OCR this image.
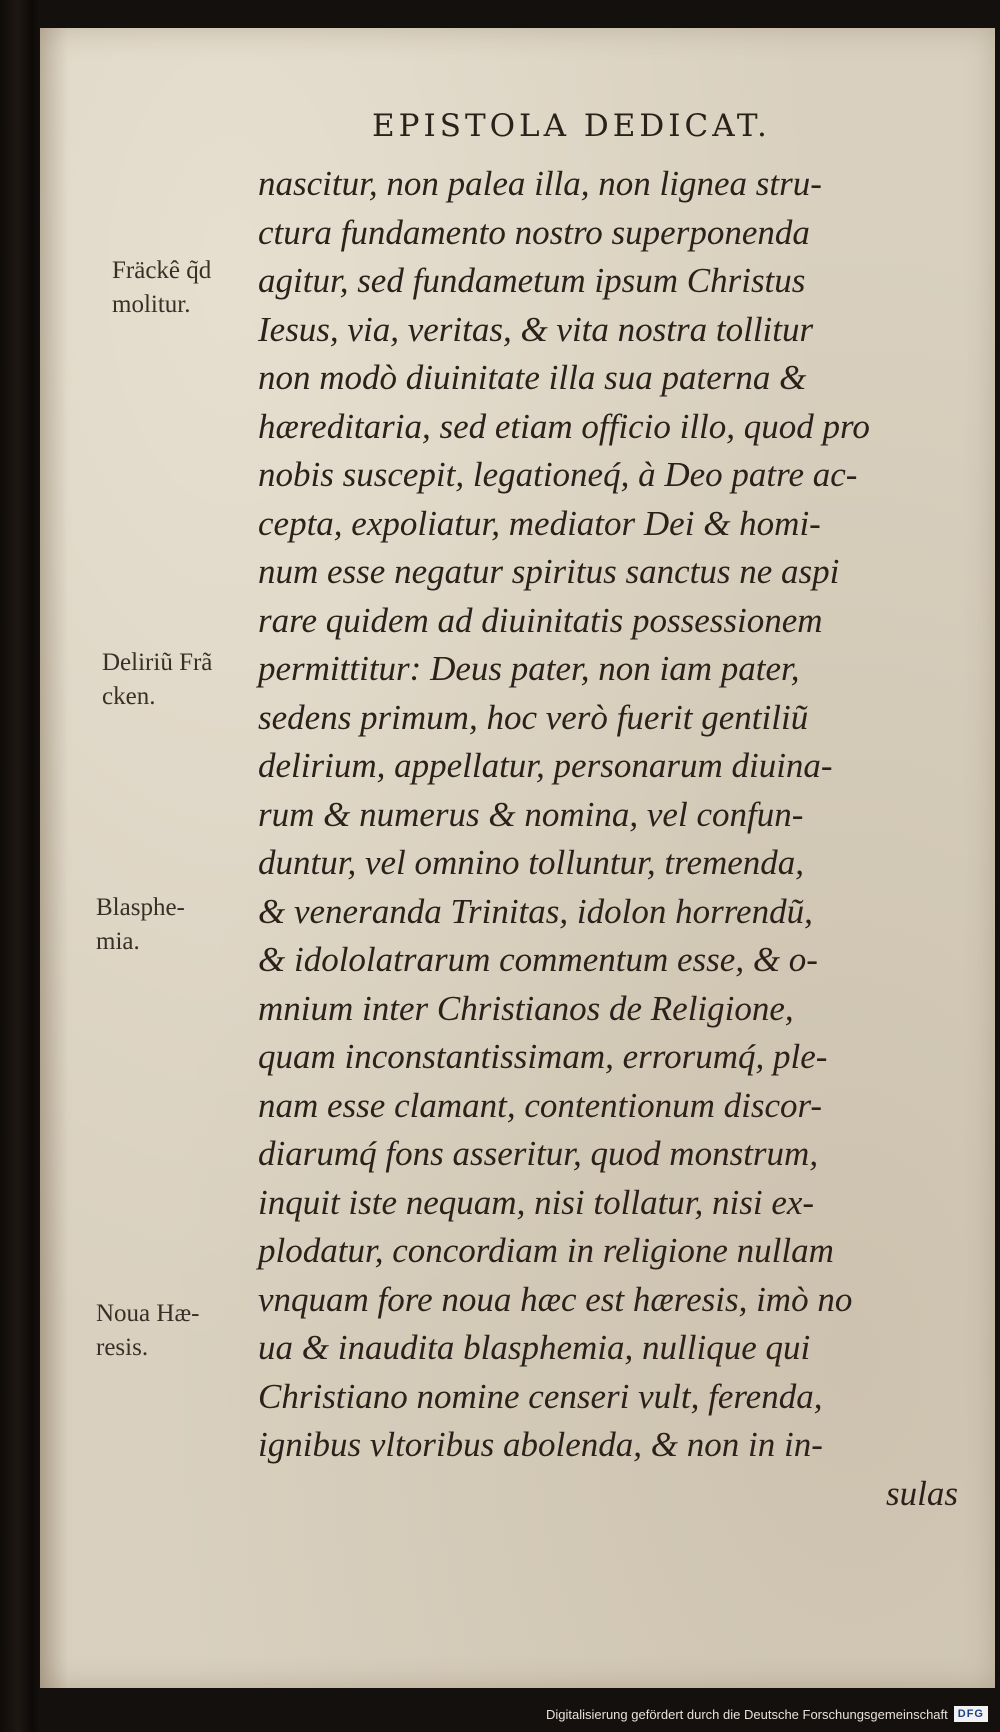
EPISTOLA DEDICAT.
Fräckê q̃d
molitur.
Deliriũ Frã
cken.
Blasphe-
mia.
Noua Hæ-
resis.
nascitur, non palea illa, non lignea stru-
ctura fundamento nostro superponenda
agitur, sed fundametum ipsum Christus
Iesus, via, veritas, & vita nostra tollitur
non modò diuinitate illa sua paterna &
hæreditaria, sed etiam officio illo, quod pro
nobis suscepit, legationeq́, à Deo patre ac-
cepta, expoliatur, mediator Dei & homi-
num esse negatur spiritus sanctus ne aspi
rare quidem ad diuinitatis possessionem
permittitur: Deus pater, non iam pater,
sedens primum, hoc verò fuerit gentiliũ
delirium, appellatur, personarum diuina-
rum & numerus & nomina, vel confun-
duntur, vel omnino tolluntur, tremenda,
& veneranda Trinitas, idolon horrendũ,
& idololatrarum commentum esse, & o-
mnium inter Christianos de Religione,
quam inconstantissimam, errorumq́, ple-
nam esse clamant, contentionum discor-
diarumq́ fons asseritur, quod monstrum,
inquit iste nequam, nisi tollatur, nisi ex-
plodatur, concordiam in religione nullam
vnquam fore noua hæc est hæresis, imò no
ua & inaudita blasphemia, nullique qui
Christiano nomine censeri vult, ferenda,
ignibus vltoribus abolenda, & non in in-
sulas
Digitalisierung gefördert durch die Deutsche Forschungsgemeinschaft DFG
